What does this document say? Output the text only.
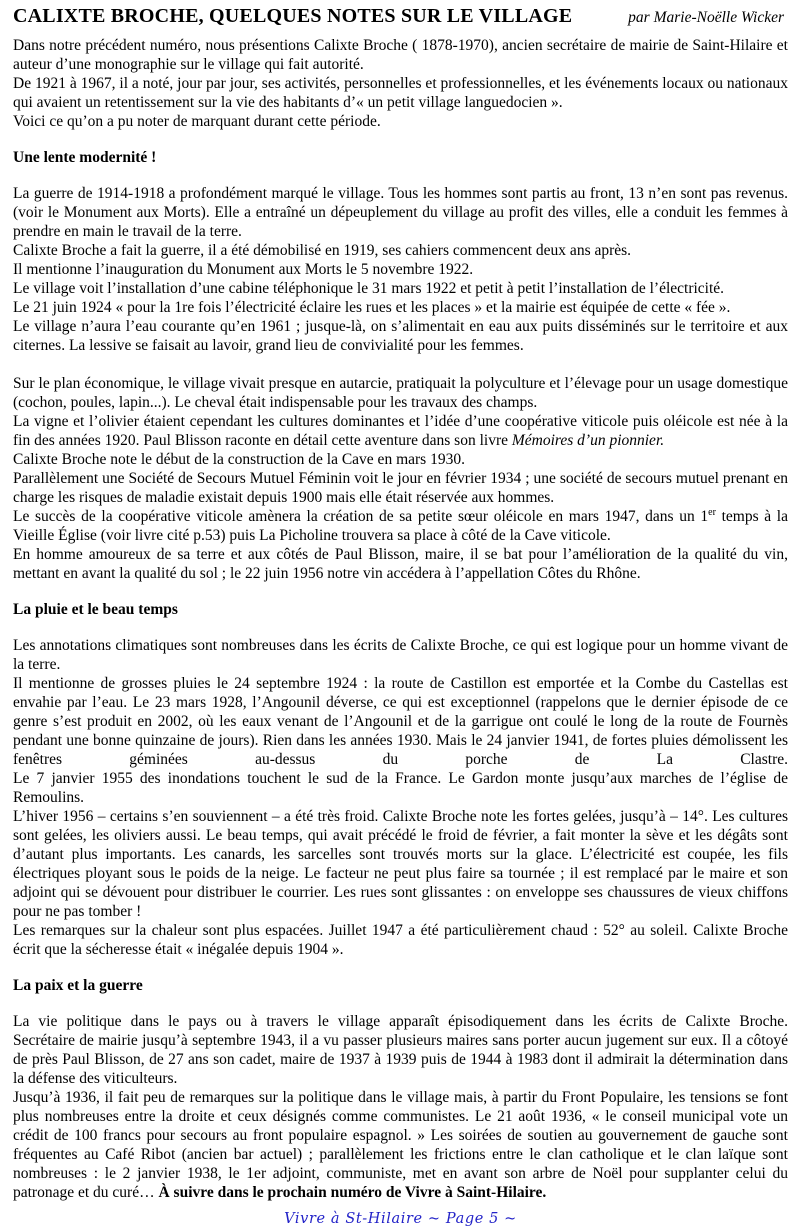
CALIXTE BROCHE, QUELQUES NOTES SUR LE VILLAGE	par Marie-Noëlle Wicker

Dans notre précédent numéro, nous présentions Calixte Broche ( 1878-1970), ancien secrétaire de mairie de Saint-Hilaire et auteur d’une monographie sur le village qui fait autorité.

De 1921 à 1967, il a noté, jour par jour, ses activités, personnelles et professionnelles, et les événements locaux ou nationaux qui avaient un retentissement sur la vie des habitants d’« un petit village languedocien ».

Voici ce qu’on a pu noter de marquant durant cette période.

Une lente modernité !

La guerre de 1914-1918 a profondément marqué le village. Tous les hommes sont partis au front, 13 n’en sont pas revenus. (voir le Monument aux Morts). Elle a entraîné un dépeuplement du village au profit des villes, elle a conduit les femmes à prendre en main le travail de la terre.

Calixte Broche a fait la guerre, il a été démobilisé en 1919, ses cahiers commencent deux ans après.

Il mentionne l’inauguration du Monument aux Morts le 5 novembre 1922.

Le village voit l’installation d’une cabine téléphonique le 31 mars 1922 et petit à petit l’installation de l’électricité.

Le 21 juin 1924 « pour la 1re fois l’électricité éclaire les rues et les places » et la mairie est équipée de cette « fée ».

Le village n’aura l’eau courante qu’en 1961 ; jusque-là, on s’alimentait en eau aux puits disséminés sur le territoire et aux citernes. La lessive se faisait au lavoir, grand lieu de convivialité pour les femmes.

Sur le plan économique, le village vivait presque en autarcie, pratiquait la polyculture et l’élevage pour un usage domestique (cochon, poules, lapin...). Le cheval était indispensable pour les travaux des champs.

La vigne et l’olivier étaient cependant les cultures dominantes et l’idée d’une coopérative viticole puis oléicole est née à la fin des années 1920. Paul Blisson raconte en détail cette aventure dans son livre Mémoires d’un pionnier.

Calixte Broche note le début de la construction de la Cave en mars 1930.

Parallèlement une Société de Secours Mutuel Féminin voit le jour en février 1934 ; une société de secours mutuel prenant en charge les risques de maladie existait depuis 1900 mais elle était réservée aux hommes.

Le succès de la coopérative viticole amènera la création de sa petite sœur oléicole en mars 1947, dans un 1er temps à la Vieille Église (voir livre cité p.53) puis La Picholine trouvera sa place à côté de la Cave viticole.

En homme amoureux de sa terre et aux côtés de Paul Blisson, maire, il se bat pour l’amélioration de la qualité du vin, mettant en avant la qualité du sol ; le 22 juin 1956 notre vin accédera à l’appellation Côtes du Rhône.

La pluie et le beau temps

Les annotations climatiques sont nombreuses dans les écrits de Calixte Broche, ce qui est logique pour un homme vivant de la terre.

Il mentionne de grosses pluies le 24 septembre 1924 : la route de Castillon est emportée et la Combe du Castellas est envahie par l’eau. Le 23 mars 1928, l’Angounil déverse, ce qui est exceptionnel (rappelons que le dernier épisode de ce genre s’est produit en 2002, où les eaux venant de l’Angounil et de la garrigue ont coulé le long de la route de Fournès pendant une bonne quinzaine de jours). Rien dans les années 1930. Mais le 24 janvier 1941, de fortes pluies démolissent les fenêtres géminées au-dessus du porche de La Clastre.

Le 7 janvier 1955 des inondations touchent le sud de la France. Le Gardon monte jusqu’aux marches de l’église de Remoulins.

L’hiver 1956 – certains s’en souviennent – a été très froid. Calixte Broche note les fortes gelées, jusqu’à – 14°. Les cultures sont gelées, les oliviers aussi. Le beau temps, qui avait précédé le froid de février, a fait monter la sève et les dégâts sont d’autant plus importants. Les canards, les sarcelles sont trouvés morts sur la glace. L’électricité est coupée, les fils électriques ployant sous le poids de la neige. Le facteur ne peut plus faire sa tournée ; il est remplacé par le maire et son adjoint qui se dévouent pour distribuer le courrier. Les rues sont glissantes : on enveloppe ses chaussures de vieux chiffons pour ne pas tomber !

Les remarques sur la chaleur sont plus espacées. Juillet 1947 a été particulièrement chaud : 52° au soleil. Calixte Broche écrit que la sécheresse était « inégalée depuis 1904 ».

La paix et la guerre

La vie politique dans le pays ou à travers le village apparaît épisodiquement dans les écrits de Calixte Broche.

Secrétaire de mairie jusqu’à septembre 1943, il a vu passer plusieurs maires sans porter aucun jugement sur eux. Il a côtoyé de près Paul Blisson, de 27 ans son cadet, maire de 1937 à 1939 puis de 1944 à 1983 dont il admirait la détermination dans la défense des viticulteurs.

Jusqu’à 1936, il fait peu de remarques sur la politique dans le village mais, à partir du Front Populaire, les tensions se font plus nombreuses entre la droite et ceux désignés comme communistes. Le 21 août 1936, « le conseil municipal vote un crédit de 100 francs pour secours au front populaire espagnol. » Les soirées de soutien au gouvernement de gauche sont fréquentes au Café Ribot (ancien bar actuel) ; parallèlement les frictions entre le clan catholique et le clan laïque sont nombreuses : le 2 janvier 1938, le 1er adjoint, communiste, met en avant son arbre de Noël pour supplanter celui du patronage et du curé… À suivre dans le prochain numéro de Vivre à Saint-Hilaire.

Vivre à St-Hilaire ~ Page 5 ~
